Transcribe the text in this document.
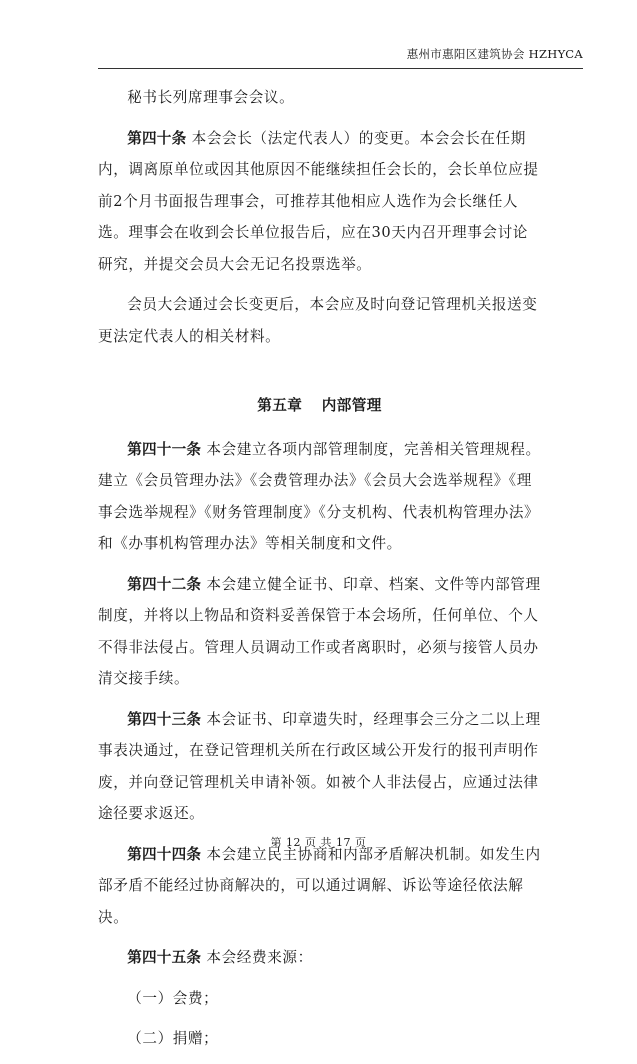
惠州市惠阳区建筑协会 HZHYCA

秘书长列席理事会会议。

第四十条 本会会长（法定代表人）的变更。本会会长在任期内，调离原单位或因其他原因不能继续担任会长的，会长单位应提前2个月书面报告理事会，可推荐其他相应人选作为会长继任人选。理事会在收到会长单位报告后，应在30天内召开理事会讨论研究，并提交会员大会无记名投票选举。

会员大会通过会长变更后，本会应及时向登记管理机关报送变更法定代表人的相关材料。

第五章 内部管理

第四十一条 本会建立各项内部管理制度，完善相关管理规程。建立《会员管理办法》《会费管理办法》《会员大会选举规程》《理事会选举规程》《财务管理制度》《分支机构、代表机构管理办法》和《办事机构管理办法》等相关制度和文件。

第四十二条 本会建立健全证书、印章、档案、文件等内部管理制度，并将以上物品和资料妥善保管于本会场所，任何单位、个人不得非法侵占。管理人员调动工作或者离职时，必须与接管人员办清交接手续。

第四十三条 本会证书、印章遗失时，经理事会三分之二以上理事表决通过，在登记管理机关所在行政区域公开发行的报刊声明作废，并向登记管理机关申请补领。如被个人非法侵占，应通过法律途径要求返还。

第四十四条 本会建立民主协商和内部矛盾解决机制。如发生内部矛盾不能经过协商解决的，可以通过调解、诉讼等途径依法解决。

第四十五条 本会经费来源：

（一）会费；

（二）捐赠；

第 12 页 共 17 页
